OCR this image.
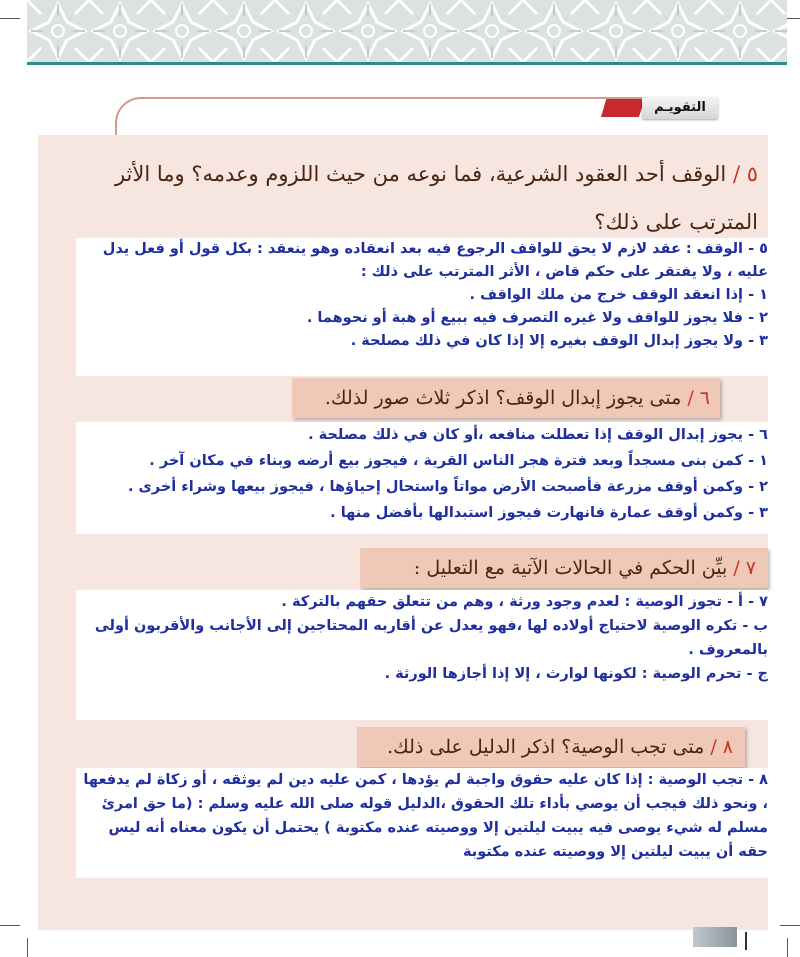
التقويـم
٥ / الوقف أحد العقود الشرعية، فما نوعه من حيث اللزوم وعدمه؟ وما الأثر المترتب على ذلك؟

٥ - الوقف : عقد لازم لا يحق للواقف الرجوع فيه بعد انعقاده وهو ينعقد : بكل قول أو فعل يدل عليه ، ولا يفتقر على حكم قاض ، الأثر المترتب على ذلك :

١ - إذا انعقد الوقف خرج من ملك الواقف .

٢ - فلا يجوز للواقف ولا غيره التصرف فيه ببيع أو هبة أو نحوهما .

٣ - ولا يجوز إبدال الوقف بغيره إلا إذا كان في ذلك مصلحة .

٦ / متى يجوز إبدال الوقف؟ اذكر ثلاث صور لذلك.

٦ - يجوز إبدال الوقف إذا تعطلت منافعه ،أو كان في ذلك مصلحة .

١ - كمن بنى مسجداً وبعد فترة هجر الناس القرية ، فيجوز بيع أرضه وبناء في مكان آخر .

٢ - وكمن أوقف مزرعة فأصبحت الأرض مواتاً واستحال إحياؤها ، فيجوز بيعها وشراء أخرى .

٣ - وكمن أوقف عمارة فانهارت فيجوز استبدالها بأفضل منها .

٧ / بيِّن الحكم في الحالات الآتية مع التعليل :

٧ - أ - تجوز الوصية : لعدم وجود ورثة ، وهم من تتعلق حقهم بالتركة .

ب - تكره الوصية لاحتياج أولاده لها ،فهو يعدل عن أقاربه المحتاجين إلى الأجانب والأقربون أولى بالمعروف .

ج - تحرم الوصية : لكونها لوارث ، إلا إذا أجازها الورثة .

٨ / متى تجب الوصية؟ اذكر الدليل على ذلك.

٨ - تجب الوصية : إذا كان عليه حقوق واجبة لم يؤدها ، كمن عليه دين لم يوثقه ، أو زكاة لم يدفعها ، ونحو ذلك فيجب أن يوصي بأداء تلك الحقوق ،الدليل قوله صلى الله عليه وسلم : (ما حق امرئ مسلم له شيء يوصى فيه يبيت ليلتين إلا ووصيته عنده مكتوبة ) يحتمل أن يكون معناه أنه ليس حقه أن يبيت ليلتين إلا ووصيته عنده مكتوبة
